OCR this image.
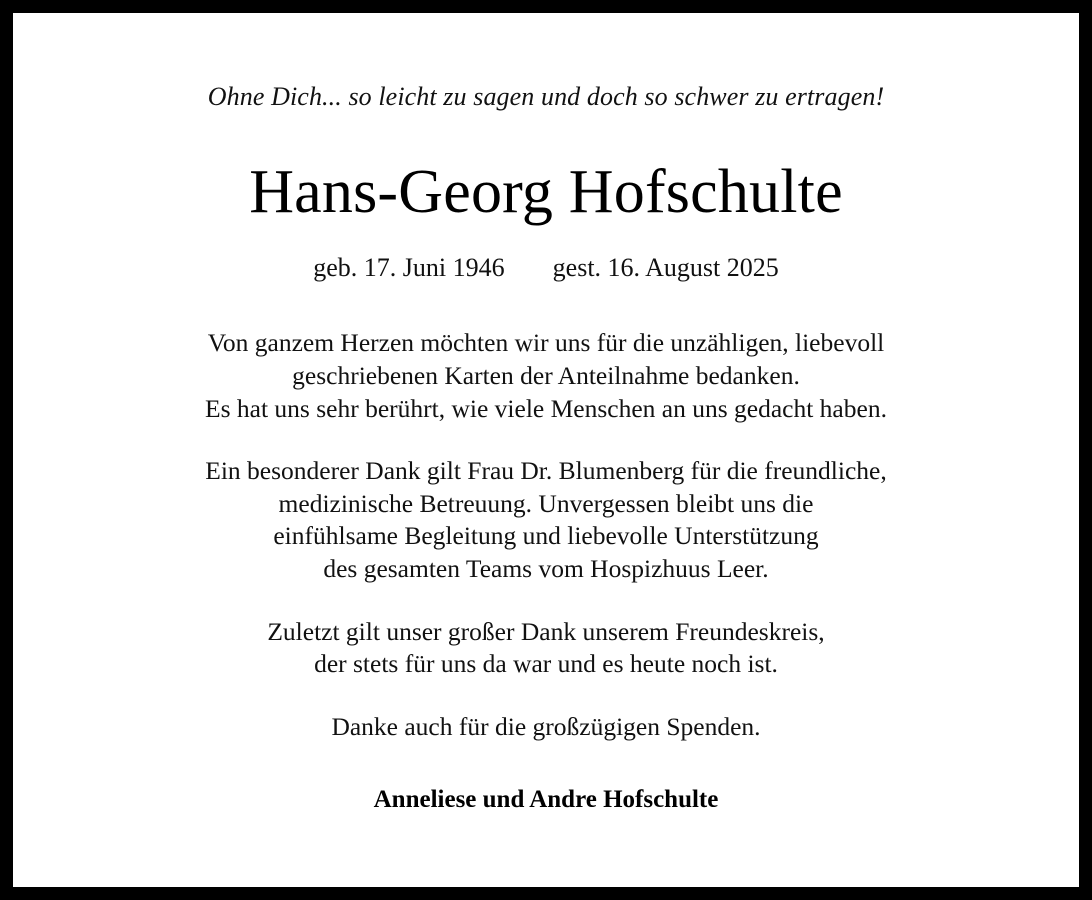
Ohne Dich... so leicht zu sagen und doch so schwer zu ertragen!
Hans-Georg Hofschulte
geb. 17. Juni 1946 gest. 16. August 2025
Von ganzem Herzen möchten wir uns für die unzähligen, liebevoll
geschriebenen Karten der Anteilnahme bedanken.
Es hat uns sehr berührt, wie viele Menschen an uns gedacht haben.
Ein besonderer Dank gilt Frau Dr. Blumenberg für die freundliche,
medizinische Betreuung. Unvergessen bleibt uns die
einfühlsame Begleitung und liebevolle Unterstützung
des gesamten Teams vom Hospizhuus Leer.
Zuletzt gilt unser großer Dank unserem Freundeskreis,
der stets für uns da war und es heute noch ist.
Danke auch für die großzügigen Spenden.
Anneliese und Andre Hofschulte
